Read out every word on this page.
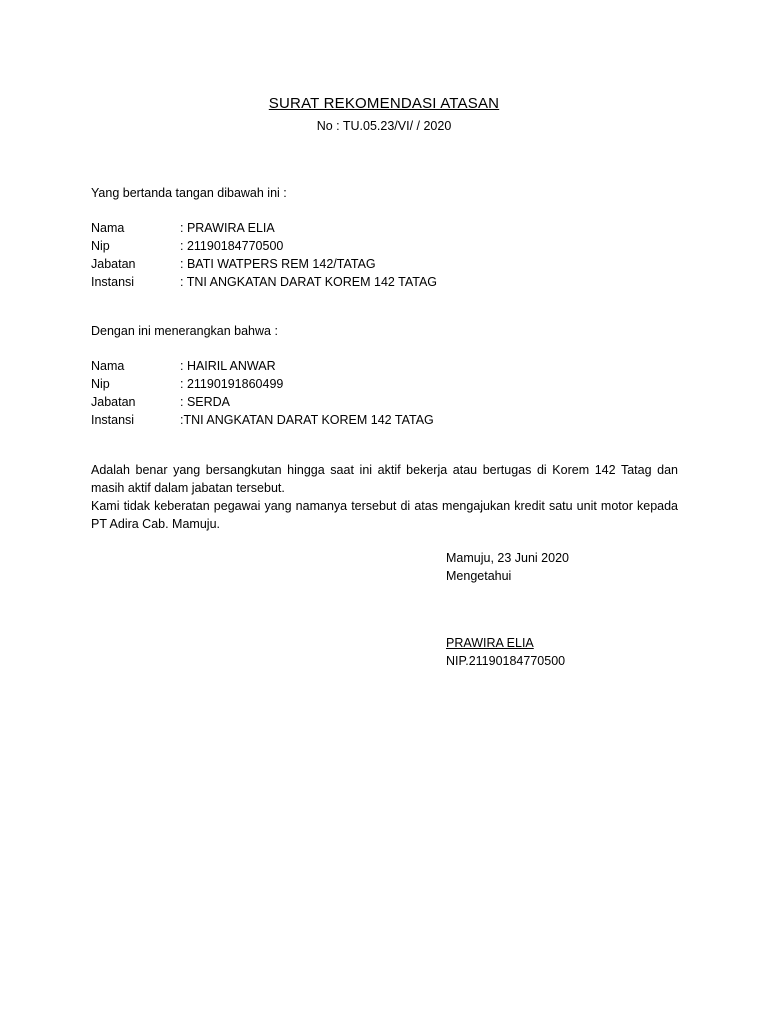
SURAT REKOMENDASI ATASAN
No : TU.05.23/VI/ / 2020
Yang bertanda tangan dibawah ini :
Nama	: PRAWIRA ELIA
Nip	: 21190184770500
Jabatan	: BATI WATPERS REM 142/TATAG
Instansi	: TNI ANGKATAN DARAT KOREM 142 TATAG
Dengan ini menerangkan bahwa :
Nama	: HAIRIL ANWAR
Nip	: 21190191860499
Jabatan	: SERDA
Instansi	:TNI ANGKATAN DARAT KOREM 142 TATAG

Adalah benar yang bersangkutan hingga saat ini aktif bekerja atau bertugas di Korem 142 Tatag dan masih aktif dalam jabatan tersebut.

Kami tidak keberatan pegawai yang namanya tersebut di atas mengajukan kredit satu unit motor kepada PT Adira Cab. Mamuju.

Mamuju, 23 Juni 2020
Mengetahui
PRAWIRA ELIA
NIP.21190184770500
